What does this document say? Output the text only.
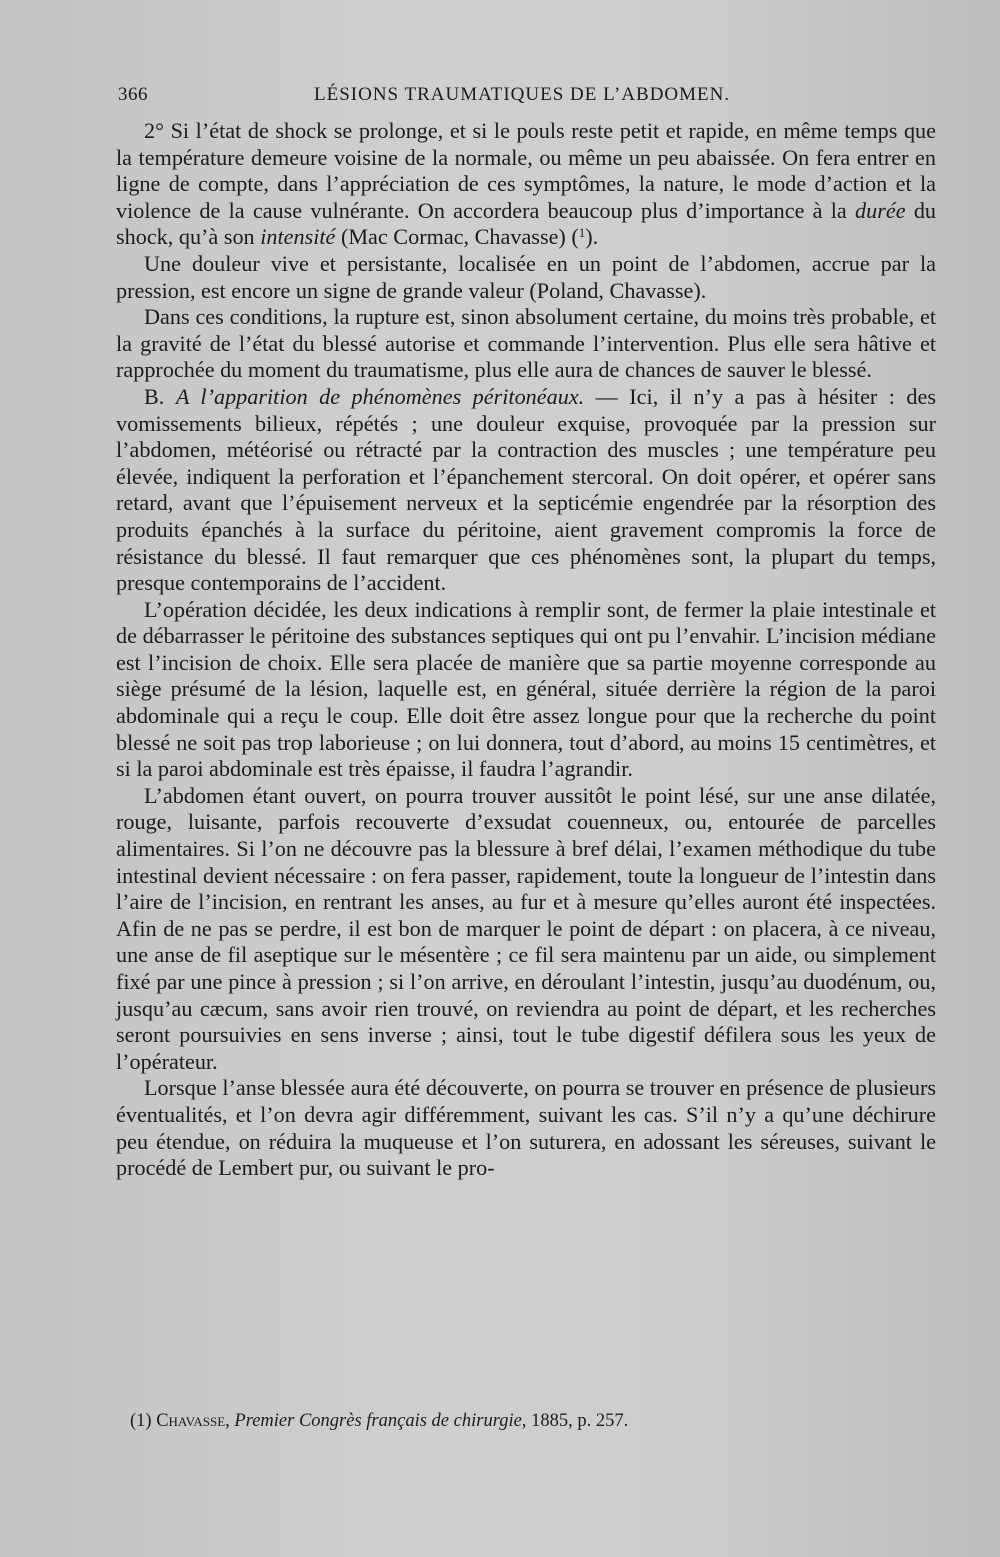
366	LÉSIONS TRAUMATIQUES DE L’ABDOMEN.

2° Si l’état de shock se prolonge, et si le pouls reste petit et rapide, en même temps que la température demeure voisine de la normale, ou même un peu abaissée. On fera entrer en ligne de compte, dans l’appréciation de ces symptômes, la nature, le mode d’action et la violence de la cause vulnérante. On accordera beaucoup plus d’importance à la durée du shock, qu’à son intensité (Mac Cormac, Chavasse) ($^1$).

Une douleur vive et persistante, localisée en un point de l’abdomen, accrue par la pression, est encore un signe de grande valeur (Poland, Chavasse).

Dans ces conditions, la rupture est, sinon absolument certaine, du moins très probable, et la gravité de l’état du blessé autorise et commande l’intervention. Plus elle sera hâtive et rapprochée du moment du traumatisme, plus elle aura de chances de sauver le blessé.

B. A l’apparition de phénomènes péritonéaux. — Ici, il n’y a pas à hésiter : des vomissements bilieux, répétés ; une douleur exquise, provoquée par la pression sur l’abdomen, météorisé ou rétracté par la contraction des muscles ; une température peu élevée, indiquent la perforation et l’épanchement stercoral. On doit opérer, et opérer sans retard, avant que l’épuisement nerveux et la septicémie engendrée par la résorption des produits épanchés à la surface du péritoine, aient gravement compromis la force de résistance du blessé. Il faut remarquer que ces phénomènes sont, la plupart du temps, presque contemporains de l’accident.

L’opération décidée, les deux indications à remplir sont, de fermer la plaie intestinale et de débarrasser le péritoine des substances septiques qui ont pu l’envahir. L’incision médiane est l’incision de choix. Elle sera placée de manière que sa partie moyenne corresponde au siège présumé de la lésion, laquelle est, en général, située derrière la région de la paroi abdominale qui a reçu le coup. Elle doit être assez longue pour que la recherche du point blessé ne soit pas trop laborieuse ; on lui donnera, tout d’abord, au moins 15 centimètres, et si la paroi abdominale est très épaisse, il faudra l’agrandir.

L’abdomen étant ouvert, on pourra trouver aussitôt le point lésé, sur une anse dilatée, rouge, luisante, parfois recouverte d’exsudat couenneux, ou, entourée de parcelles alimentaires. Si l’on ne découvre pas la blessure à bref délai, l’examen méthodique du tube intestinal devient nécessaire : on fera passer, rapidement, toute la longueur de l’intestin dans l’aire de l’incision, en rentrant les anses, au fur et à mesure qu’elles auront été inspectées. Afin de ne pas se perdre, il est bon de marquer le point de départ : on placera, à ce niveau, une anse de fil aseptique sur le mésentère ; ce fil sera maintenu par un aide, ou simplement fixé par une pince à pression ; si l’on arrive, en déroulant l’intestin, jusqu’au duodénum, ou, jusqu’au cæcum, sans avoir rien trouvé, on reviendra au point de départ, et les recherches seront poursuivies en sens inverse ; ainsi, tout le tube digestif défilera sous les yeux de l’opérateur.

Lorsque l’anse blessée aura été découverte, on pourra se trouver en présence de plusieurs éventualités, et l’on devra agir différemment, suivant les cas. S’il n’y a qu’une déchirure peu étendue, on réduira la muqueuse et l’on suturera, en adossant les séreuses, suivant le procédé de Lembert pur, ou suivant le pro-

(1) Chavasse, Premier Congrès français de chirurgie, 1885, p. 257.
